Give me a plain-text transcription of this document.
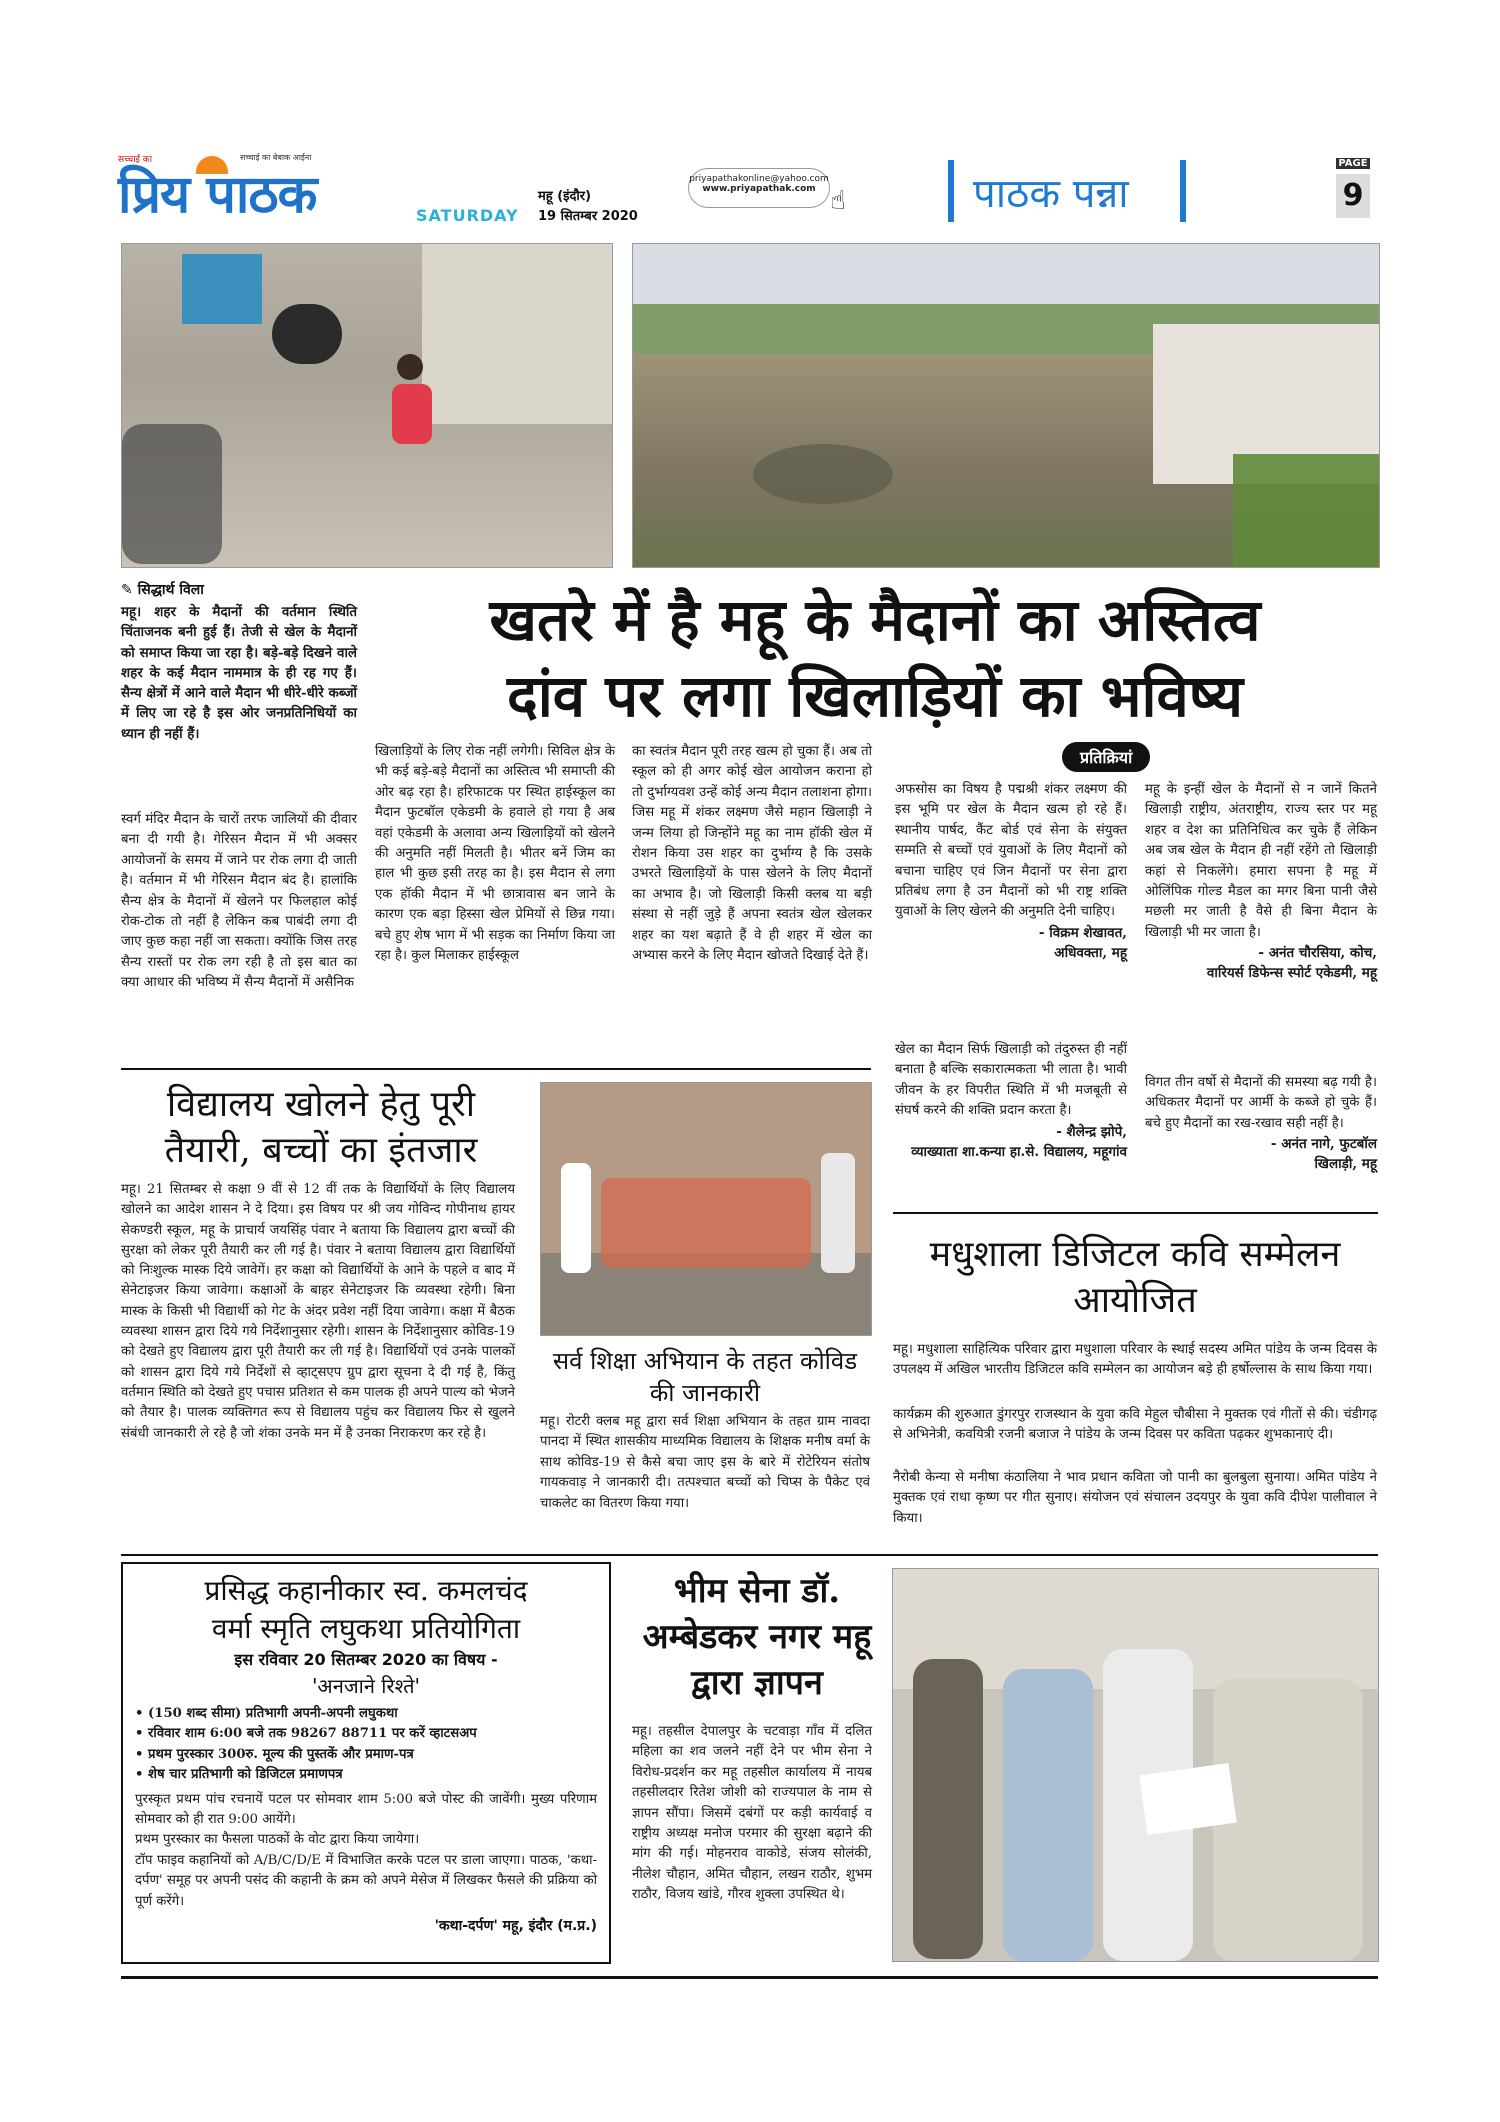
सच्चाई का	सच्चाई का बेबाक आईना
प्रिय पाठक	SATURDAY
महू (इंदौर)
19 सितम्बर 2020
priyapathakonline@yahoo.com
www.priyapathak.com ☝	पाठक पन्ना
PAGE
9
✎ सिद्धार्थ विला
महू। शहर के मैदानों की वर्तमान स्थिति चिंताजनक बनी हुई हैं। तेजी से खेल के मैदानों को समाप्त किया जा रहा है। बड़े-बड़े दिखने वाले शहर के कई मैदान नाममात्र के ही रह गए हैं। सैन्य क्षेत्रों में आने वाले मैदान भी धीरे-धीरे कब्जों में लिए जा रहे है इस ओर जनप्रतिनिधियों का ध्यान ही नहीं हैं।
खतरे में है महू के मैदानों का अस्तित्व
दांव पर लगा खिलाड़ियों का भविष्य
स्वर्ग मंदिर मैदान के चारों तरफ जालियों की दीवार बना दी गयी है। गेरिसन मैदान में भी अक्सर आयोजनों के समय में जाने पर रोक लगा दी जाती है। वर्तमान में भी गेरिसन मैदान बंद है। हालांकि सैन्य क्षेत्र के मैदानों में खेलने पर फिलहाल कोई रोक-टोक तो नहीं है लेकिन कब पाबंदी लगा दी जाए कुछ कहा नहीं जा सकता। क्योंकि जिस तरह सैन्य रास्तों पर रोक लग रही है तो इस बात का क्या आधार की भविष्य में सैन्य मैदानों में असैनिक
खिलाड़ियों के लिए रोक नहीं लगेगी। सिविल क्षेत्र के भी कई बड़े-बड़े मैदानों का अस्तित्व भी समाप्ती की ओर बढ़ रहा है। हरिफाटक पर स्थित हाईस्कूल का मैदान फुटबॉल एकेडमी के हवाले हो गया है अब वहां एकेडमी के अलावा अन्य खिलाड़ियों को खेलने की अनुमति नहीं मिलती है। भीतर बनें जिम का हाल भी कुछ इसी तरह का है। इस मैदान से लगा एक हॉकी मैदान में भी छात्रावास बन जाने के कारण एक बड़ा हिस्सा खेल प्रेमियों से छिन्न गया। बचे हुए शेष भाग में भी सड़क का निर्माण किया जा रहा है। कुल मिलाकर हाईस्कूल
का स्वतंत्र मैदान पूरी तरह खत्म हो चुका हैं। अब तो स्कूल को ही अगर कोई खेल आयोजन कराना हो तो दुर्भाग्यवश उन्हें कोई अन्य मैदान तलाशना होगा। जिस महू में शंकर लक्ष्मण जैसे महान खिलाड़ी ने जन्म लिया हो जिन्होंने महू का नाम हॉकी खेल में रोशन किया उस शहर का दुर्भाग्य है कि उसके उभरते खिलाड़ियों के पास खेलने के लिए मैदानों का अभाव है। जो खिलाड़ी किसी क्लब या बड़ी संस्था से नहीं जुड़े हैं अपना स्वतंत्र खेल खेलकर शहर का यश बढ़ाते हैं वे ही शहर में खेल का अभ्यास करने के लिए मैदान खोजते दिखाई देते हैं।
प्रतिक्रियां
अफसोस का विषय है पद्मश्री शंकर लक्ष्मण की इस भूमि पर खेल के मैदान खत्म हो रहे हैं। स्थानीय पार्षद, कैंट बोर्ड एवं सेना के संयुक्त सम्मति से बच्चों एवं युवाओं के लिए मैदानों को बचाना चाहिए एवं जिन मैदानों पर सेना द्वारा प्रतिबंध लगा है उन मैदानों को भी राष्ट्र शक्ति युवाओं के लिए खेलने की अनुमति देनी चाहिए।
- विक्रम शेखावत,
अधिवक्ता, महू
खेल का मैदान सिर्फ खिलाड़ी को तंदुरुस्त ही नहीं बनाता है बल्कि सकारात्मकता भी लाता है। भावी जीवन के हर विपरीत स्थिति में भी मजबूती से संघर्ष करने की शक्ति प्रदान करता है।
- शैलेन्द्र झोपे,
व्याख्याता शा.कन्या हा.से. विद्यालय, महूगांव
महू के इन्हीं खेल के मैदानों से न जानें कितने खिलाड़ी राष्ट्रीय, अंतराष्ट्रीय, राज्य स्तर पर महू शहर व देश का प्रतिनिधित्व कर चुके हैं लेकिन अब जब खेल के मैदान ही नहीं रहेंगे तो खिलाड़ी कहां से निकलेंगे। हमारा सपना है महू में ओलिंपिक गोल्ड मैडल का मगर बिना पानी जैसे मछली मर जाती है वैसे ही बिना मैदान के खिलाड़ी भी मर जाता है।
- अनंत चौरसिया, कोच,
वारियर्स डिफेन्स स्पोर्ट एकेडमी, महू
विगत तीन वर्षो से मैदानों की समस्या बढ़ गयी है। अधिकतर मैदानों पर आर्मी के कब्जे हो चुके हैं। बचे हुए मैदानों का रख-रखाव सही नहीं है।
- अनंत नागे, फुटबॉल
खिलाड़ी, महू
विद्यालय खोलने हेतु पूरी तैयारी, बच्चों का इंतजार
महू। 21 सितम्बर से कक्षा 9 वीं से 12 वीं तक के विद्यार्थियों के लिए विद्यालय खोलने का आदेश शासन ने दे दिया। इस विषय पर श्री जय गोविन्द गोपीनाथ हायर सेकण्डरी स्कूल, महू के प्राचार्य जयसिंह पंवार ने बताया कि विद्यालय द्वारा बच्चों की सुरक्षा को लेकर पूरी तैयारी कर ली गई है। पंवार ने बताया विद्यालय द्वारा विद्यार्थियों को निःशुल्क मास्क दिये जावेगें। हर कक्षा को विद्यार्थियों के आने के पहले व बाद में सेनेटाइजर किया जावेगा। कक्षाओं के बाहर सेनेटाइजर कि व्यवस्था रहेगी। बिना मास्क के किसी भी विद्यार्थी को गेट के अंदर प्रवेश नहीं दिया जावेगा। कक्षा में बैठक व्यवस्था शासन द्वारा दिये गये निर्देशानुसार रहेगी। शासन के निर्देशानुसार कोविड-19 को देखते हुए विद्यालय द्वारा पूरी तैयारी कर ली गई है। विद्यार्थियों एवं उनके पालकों को शासन द्वारा दिये गये निर्देशों से व्हाट्सएप ग्रुप द्वारा सूचना दे दी गई है, किंतु वर्तमान स्थिति को देखते हुए पचास प्रतिशत से कम पालक ही अपने पाल्य को भेजने को तैयार है। पालक व्यक्तिगत रूप से विद्यालय पहुंच कर विद्यालय फिर से खुलने संबंधी जानकारी ले रहे है जो शंका उनके मन में है उनका निराकरण कर रहे है।
सर्व शिक्षा अभियान के तहत कोविड की जानकारी
महू। रोटरी क्लब महू द्वारा सर्व शिक्षा अभियान के तहत ग्राम नावदा पानदा में स्थित शासकीय माध्यमिक विद्यालय के शिक्षक मनीष वर्मा के साथ कोविड-19 से कैसे बचा जाए इस के बारे में रोटेरियन संतोष गायकवाड़ ने जानकारी दी। तत्पश्चात बच्चों को चिप्स के पैकेट एवं चाकलेट का वितरण किया गया।
मधुशाला डिजिटल कवि सम्मेलन आयोजित
महू। मधुशाला साहित्यिक परिवार द्वारा मधुशाला परिवार के स्थाई सदस्य अमित पांडेय के जन्म दिवस के उपलक्ष्य में अखिल भारतीय डिजिटल कवि सम्मेलन का आयोजन बड़े ही हर्षोल्लास के साथ किया गया।
कार्यक्रम की शुरुआत डुंगरपुर राजस्थान के युवा कवि मेहुल चौबीसा ने मुक्तक एवं गीतों से की। चंडीगढ़ से अभिनेत्री, कवयित्री रजनी बजाज ने पांडेय के जन्म दिवस पर कविता पढ़कर शुभकानाएं दी।
नैरोबी केन्या से मनीषा कंठालिया ने भाव प्रधान कविता जो पानी का बुलबुला सुनाया। अमित पांडेय ने मुक्तक एवं राधा कृष्ण पर गीत सुनाए। संयोजन एवं संचालन उदयपुर के युवा कवि दीपेश पालीवाल ने किया।
प्रसिद्ध कहानीकार स्व. कमलचंद
वर्मा स्मृति लघुकथा प्रतियोगिता
इस रविवार 20 सितम्बर 2020 का विषय -
'अनजाने रिश्ते'
• (150 शब्द सीमा) प्रतिभागी अपनी-अपनी लघुकथा
• रविवार शाम 6:00 बजे तक 98267 88711 पर करें व्हाटसअप
• प्रथम पुरस्कार 300रु. मूल्य की पुस्तकें और प्रमाण-पत्र
• शेष चार प्रतिभागी को डिजिटल प्रमाणपत्र
पुरस्कृत प्रथम पांच रचनायें पटल पर सोमवार शाम 5:00 बजे पोस्ट की जावेंगी। मुख्य परिणाम सोमवार को ही रात 9:00 आयेंगे।
प्रथम पुरस्कार का फैसला पाठकों के वोट द्वारा किया जायेगा।
टॉप फाइव कहानियों को A/B/C/D/E में विभाजित करके पटल पर डाला जाएगा। पाठक, 'कथा-दर्पण' समूह पर अपनी पसंद की कहानी के क्रम को अपने मेसेज में लिखकर फैसले की प्रक्रिया को पूर्ण करेंगे।
'कथा-दर्पण' महू, इंदौर (म.प्र.)
भीम सेना डॉ. अम्बेडकर नगर महू द्वारा ज्ञापन
महू। तहसील देपालपुर के चटवाड़ा गाँव में दलित महिला का शव जलने नहीं देने पर भीम सेना ने विरोध-प्रदर्शन कर महू तहसील कार्यालय में नायब तहसीलदार रितेश जोशी को राज्यपाल के नाम से ज्ञापन सौंपा। जिसमें दबंगों पर कड़ी कार्यवाई व राष्ट्रीय अध्यक्ष मनोज परमार की सुरक्षा बढ़ाने की मांग की गई। मोहनराव वाकोडे, संजय सोलंकी, नीलेश चौहान, अमित चौहान, लखन राठौर, शुभम राठौर, विजय खांडे, गौरव शुक्ला उपस्थित थे।
